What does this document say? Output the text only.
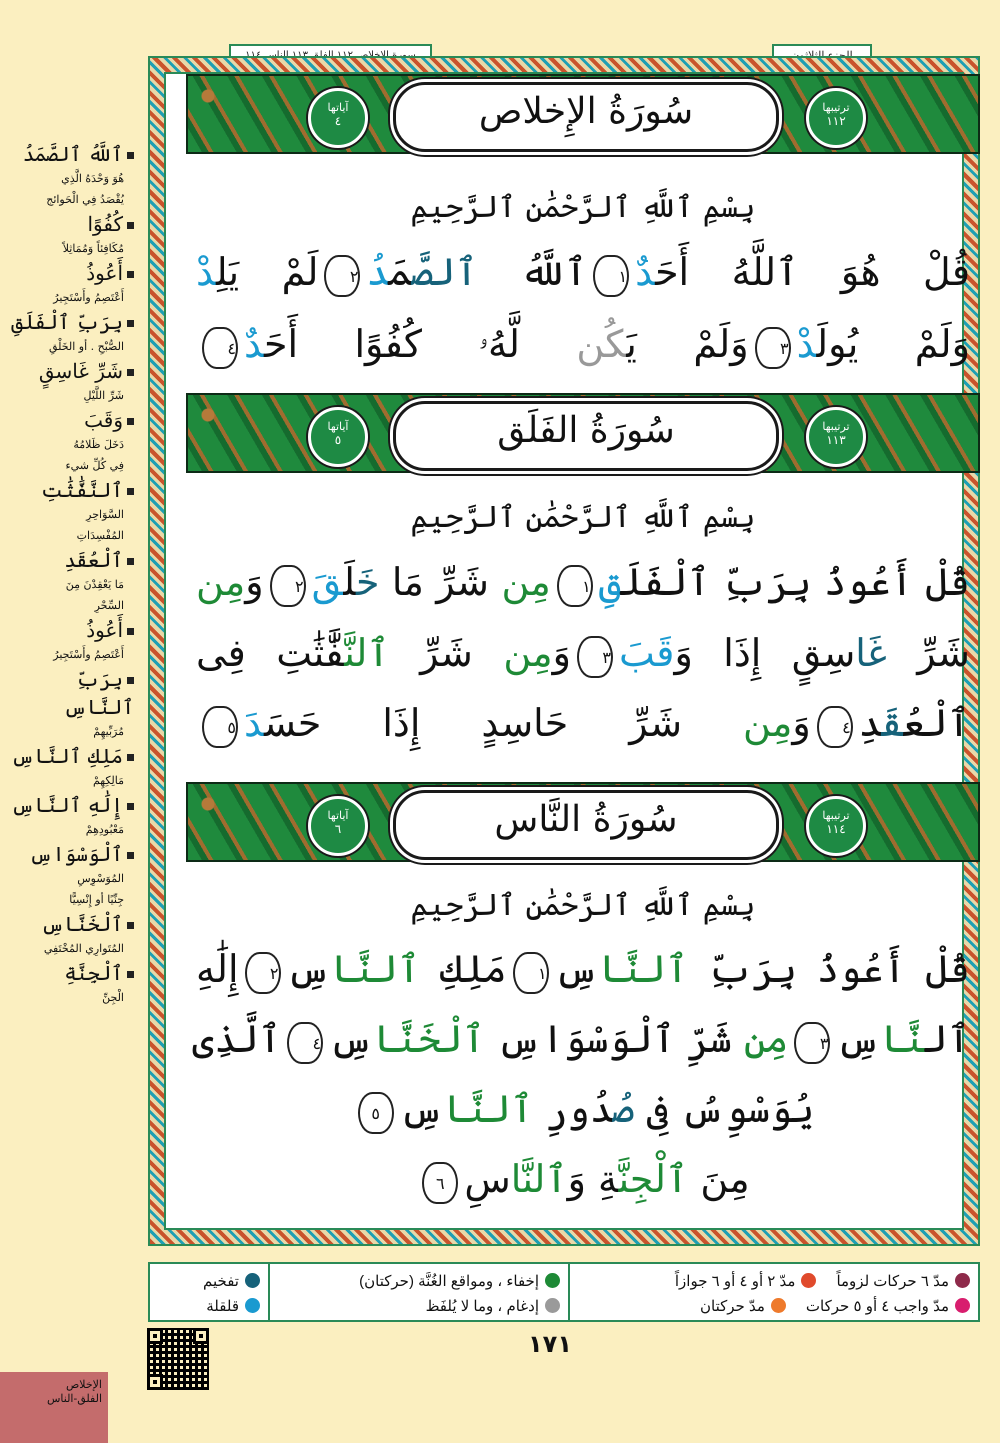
آياتها
٤	سُورَةُ الإِخلاص	ترتيبها
١١٢
بِسْمِ ٱللَّهِ ٱلرَّحْمَٰنِ ٱلرَّحِيمِ
قُلْ هُوَ ٱللَّهُ أَحَدٌ١ٱللَّهُ ٱلصَّمَدُ٢لَمْ يَلِدْ
وَلَمْ يُولَدْ٣وَلَمْ يَكُن لَّهُۥ كُفُوًا أَحَدٌ٤
آياتها
٥	سُورَةُ الفَلَق	ترتيبها
١١٣
بِسْمِ ٱللَّهِ ٱلرَّحْمَٰنِ ٱلرَّحِيمِ
قُلْ أَعُوذُ بِرَبِّ ٱلْفَلَقِ١مِن شَرِّ مَا خَلَقَ٢وَمِن
شَرِّ غَاسِقٍ إِذَا وَقَبَ٣وَمِن شَرِّ ٱلنَّفَّٰثَٰتِ فِى
ٱلْعُقَدِ٤وَمِن شَرِّ حَاسِدٍ إِذَا حَسَدَ٥
آياتها
٦	سُورَةُ النَّاس	ترتيبها
١١٤
بِسْمِ ٱللَّهِ ٱلرَّحْمَٰنِ ٱلرَّحِيمِ
قُلْ أَعُوذُ بِرَبِّ ٱلنَّاسِ١مَلِكِ ٱلنَّاسِ٢إِلَٰهِ
ٱلنَّاسِ٣مِن شَرِّ ٱلْوَسْوَاسِ ٱلْخَنَّاسِ٤ٱلَّذِى
يُوَسْوِسُ فِى صُدُورِ ٱلنَّاسِ٥
مِنَ ٱلْجِنَّةِ وَٱلنَّاسِ٦
ٱللَّهُ ٱلصَّمَدُ
هُوَ وَحْدَهُ الَّذِي
يُقْصَدُ فِي الْحَوائج
كُفُوًا
مُكَافِئاً وَمُمَاثِلاً
أَعُوذُ
أَعْتَصِمُ وأَسْتَجِيرُ
بِرَبِّ ٱلْفَلَقِ
الصُّبْحِ . أو الخَلْقِ
شَرِّ غَاسِقٍ
شَرِّ اللَّيْلِ
وَقَبَ
دَخَلَ ظَلامُهُ
فِي كُلِّ شيء
ٱلنَّفَّٰثَٰتِ
السَّوَاحِرِ
المُفْسِدَاتِ
ٱلْعُقَدِ
مَا يَعْقِدْنَ مِنَ
السِّحْرِ
أَعُوذُ
أَعْتَصِمُ وأَسْتَجِيرُ
بِرَبِّ ٱلنَّاسِ
مُرَبِّيهِمْ
مَلِكِ ٱلنَّاسِ
مَالِكِهِمْ
إِلَٰهِ ٱلنَّاسِ
مَعْبُودِهِمْ
ٱلْوَسْوَاسِ
المُوَسْوِسِ
جِنِّيًا أو إِنْسِيًّا
ٱلْخَنَّاسِ
المُتَوارِي المُخْتَفِي
ٱلْجِنَّةِ
الْجِنِّ
مدّ ٦ حركات لزوماً
مدّ ٢ أو ٤ أو ٦ جوازاً
مدّ واجب ٤ أو ٥ حركات
مدّ حركتان
إخفاء ، ومواقع الغُنَّة (حركتان)
إدغام ، وما لا يُلفَظ
تفخيم
قلقلة
١٧١
الإخلاص
الفلق-الناس
